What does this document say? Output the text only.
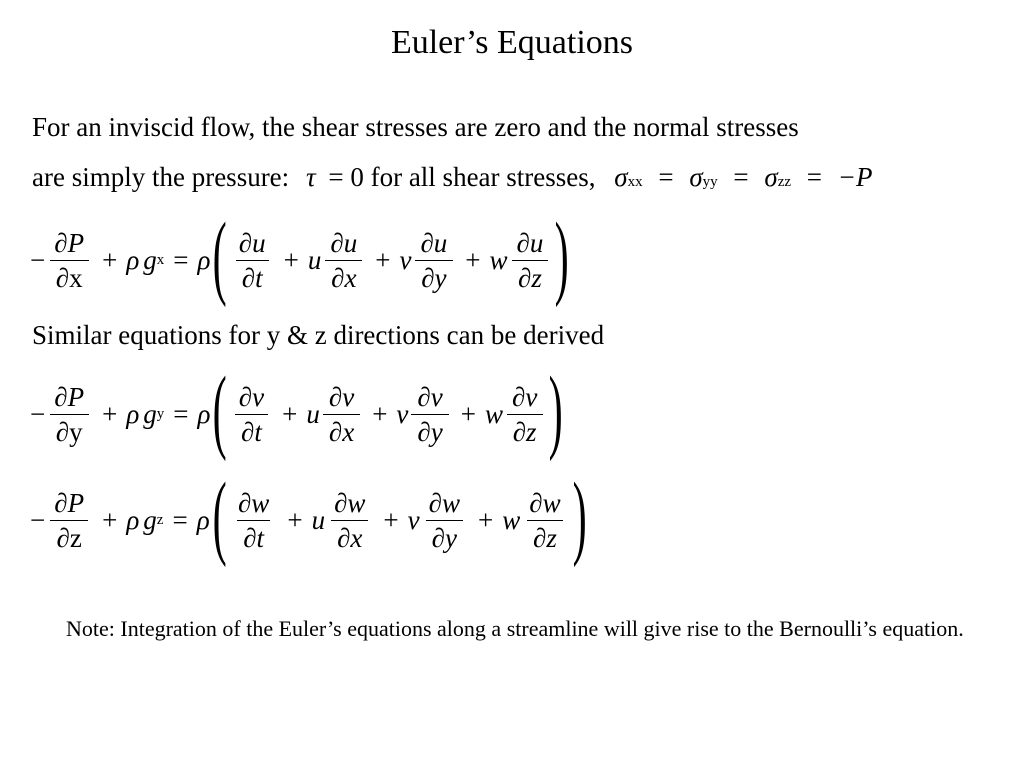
Euler’s Equations
For an inviscid flow, the shear stresses are zero and the normal stresses
are simply the pressure: τ = 0 for all shear stresses, σxx = σyy = σzz = −P
− $\frac{\partial P}{\partial x} + \rho$ g x = ρ ( $\frac{\partial u}{\partial t} + u \frac{\partial u}{\partial x} + v \frac{\partial u}{\partial y} + w \frac{\partial u}{\partial z}$ )
Similar equations for y & z directions can be derived
− $\frac{\partial P}{\partial y} + \rho$ g y = ρ ( $\frac{\partial v}{\partial t} + u \frac{\partial v}{\partial x} + v \frac{\partial v}{\partial y} + w \frac{\partial v}{\partial z}$ )
− $\frac{\partial P}{\partial z} + \rho$ g z = ρ ( $\frac{\partial w}{\partial t} + u \frac{\partial w}{\partial x} + v \frac{\partial w}{\partial y} + w \frac{\partial w}{\partial z}$ )
Note: Integration of the Euler’s equations along a streamline will give rise to the Bernoulli’s equation.
